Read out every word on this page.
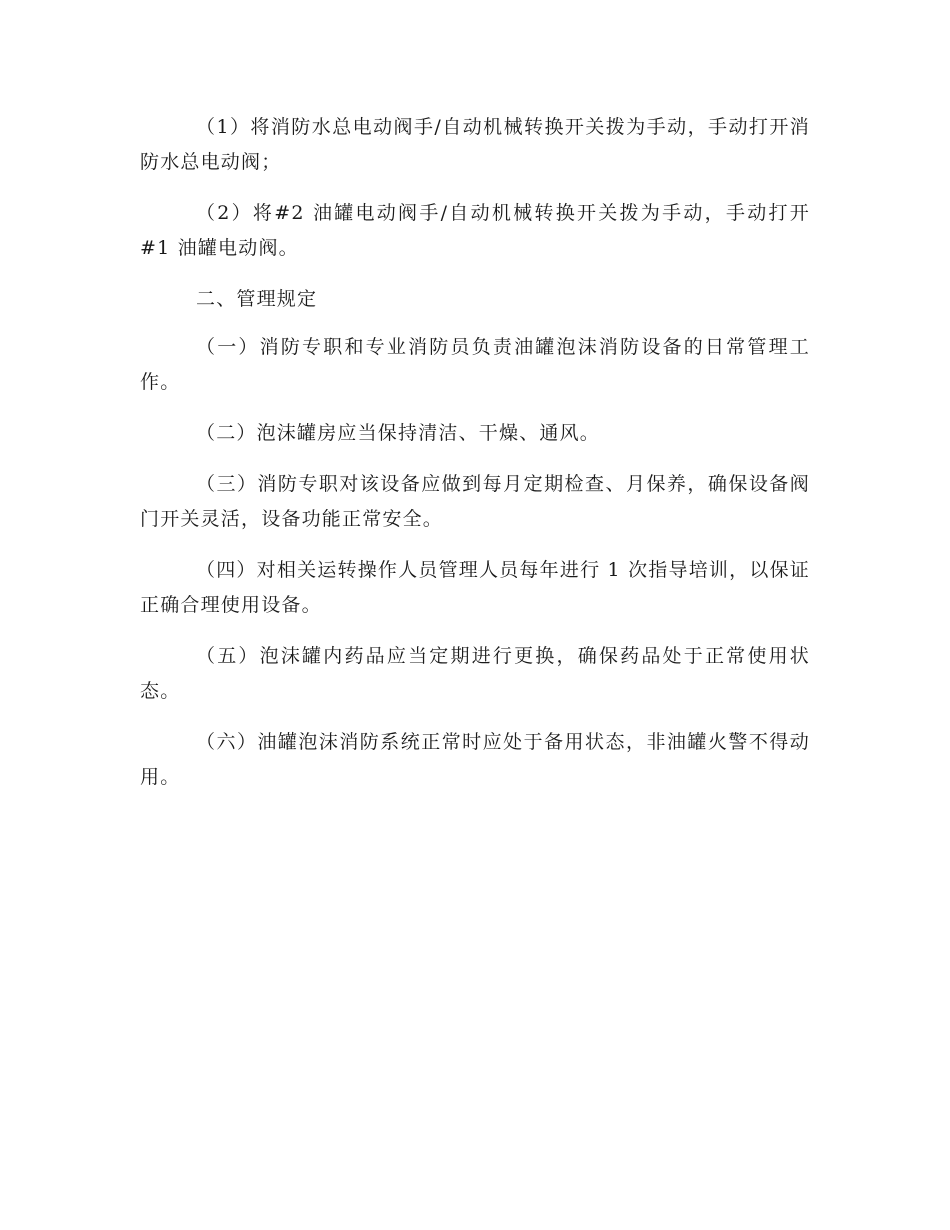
（1）将消防水总电动阀手/自动机械转换开关拨为手动，手动打开消防水总电动阀；

（2）将#2 油罐电动阀手/自动机械转换开关拨为手动，手动打开#1 油罐电动阀。

二、管理规定

（一）消防专职和专业消防员负责油罐泡沫消防设备的日常管理工作。

（二）泡沫罐房应当保持清洁、干燥、通风。

（三）消防专职对该设备应做到每月定期检查、月保养，确保设备阀门开关灵活，设备功能正常安全。

（四）对相关运转操作人员管理人员每年进行 1 次指导培训，以保证正确合理使用设备。

（五）泡沫罐内药品应当定期进行更换，确保药品处于正常使用状态。

（六）油罐泡沫消防系统正常时应处于备用状态，非油罐火警不得动用。
